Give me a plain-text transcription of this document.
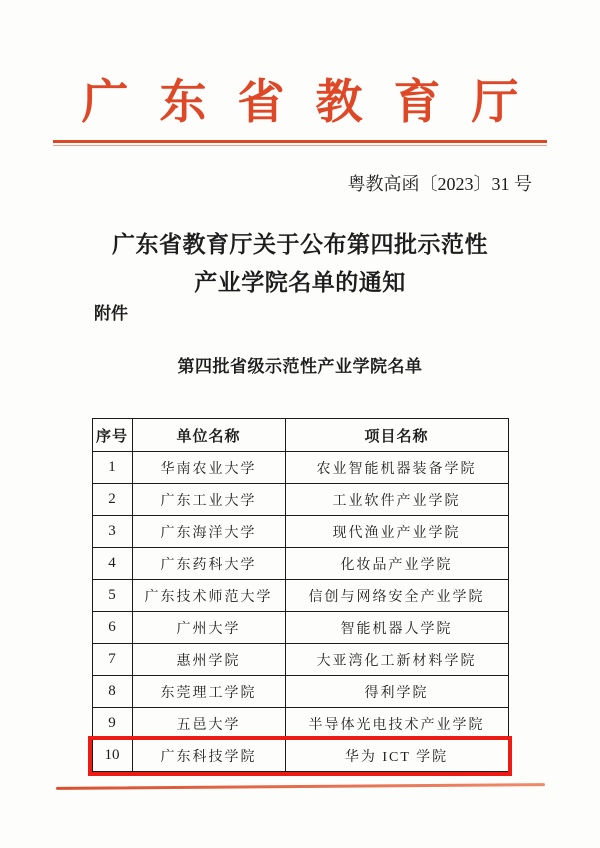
广东省教育厅
粤教高函〔2023〕31 号
广东省教育厅关于公布第四批示范性
产业学院名单的通知
附件
第四批省级示范性产业学院名单
序号	单位名称	项目名称
1	华南农业大学	农业智能机器装备学院
2	广东工业大学	工业软件产业学院
3	广东海洋大学	现代渔业产业学院
4	广东药科大学	化妆品产业学院
5	广东技术师范大学	信创与网络安全产业学院
6	广州大学	智能机器人学院
7	惠州学院	大亚湾化工新材料学院
8	东莞理工学院	得利学院
9	五邑大学	半导体光电技术产业学院
10	广东科技学院	华为 ICT 学院
